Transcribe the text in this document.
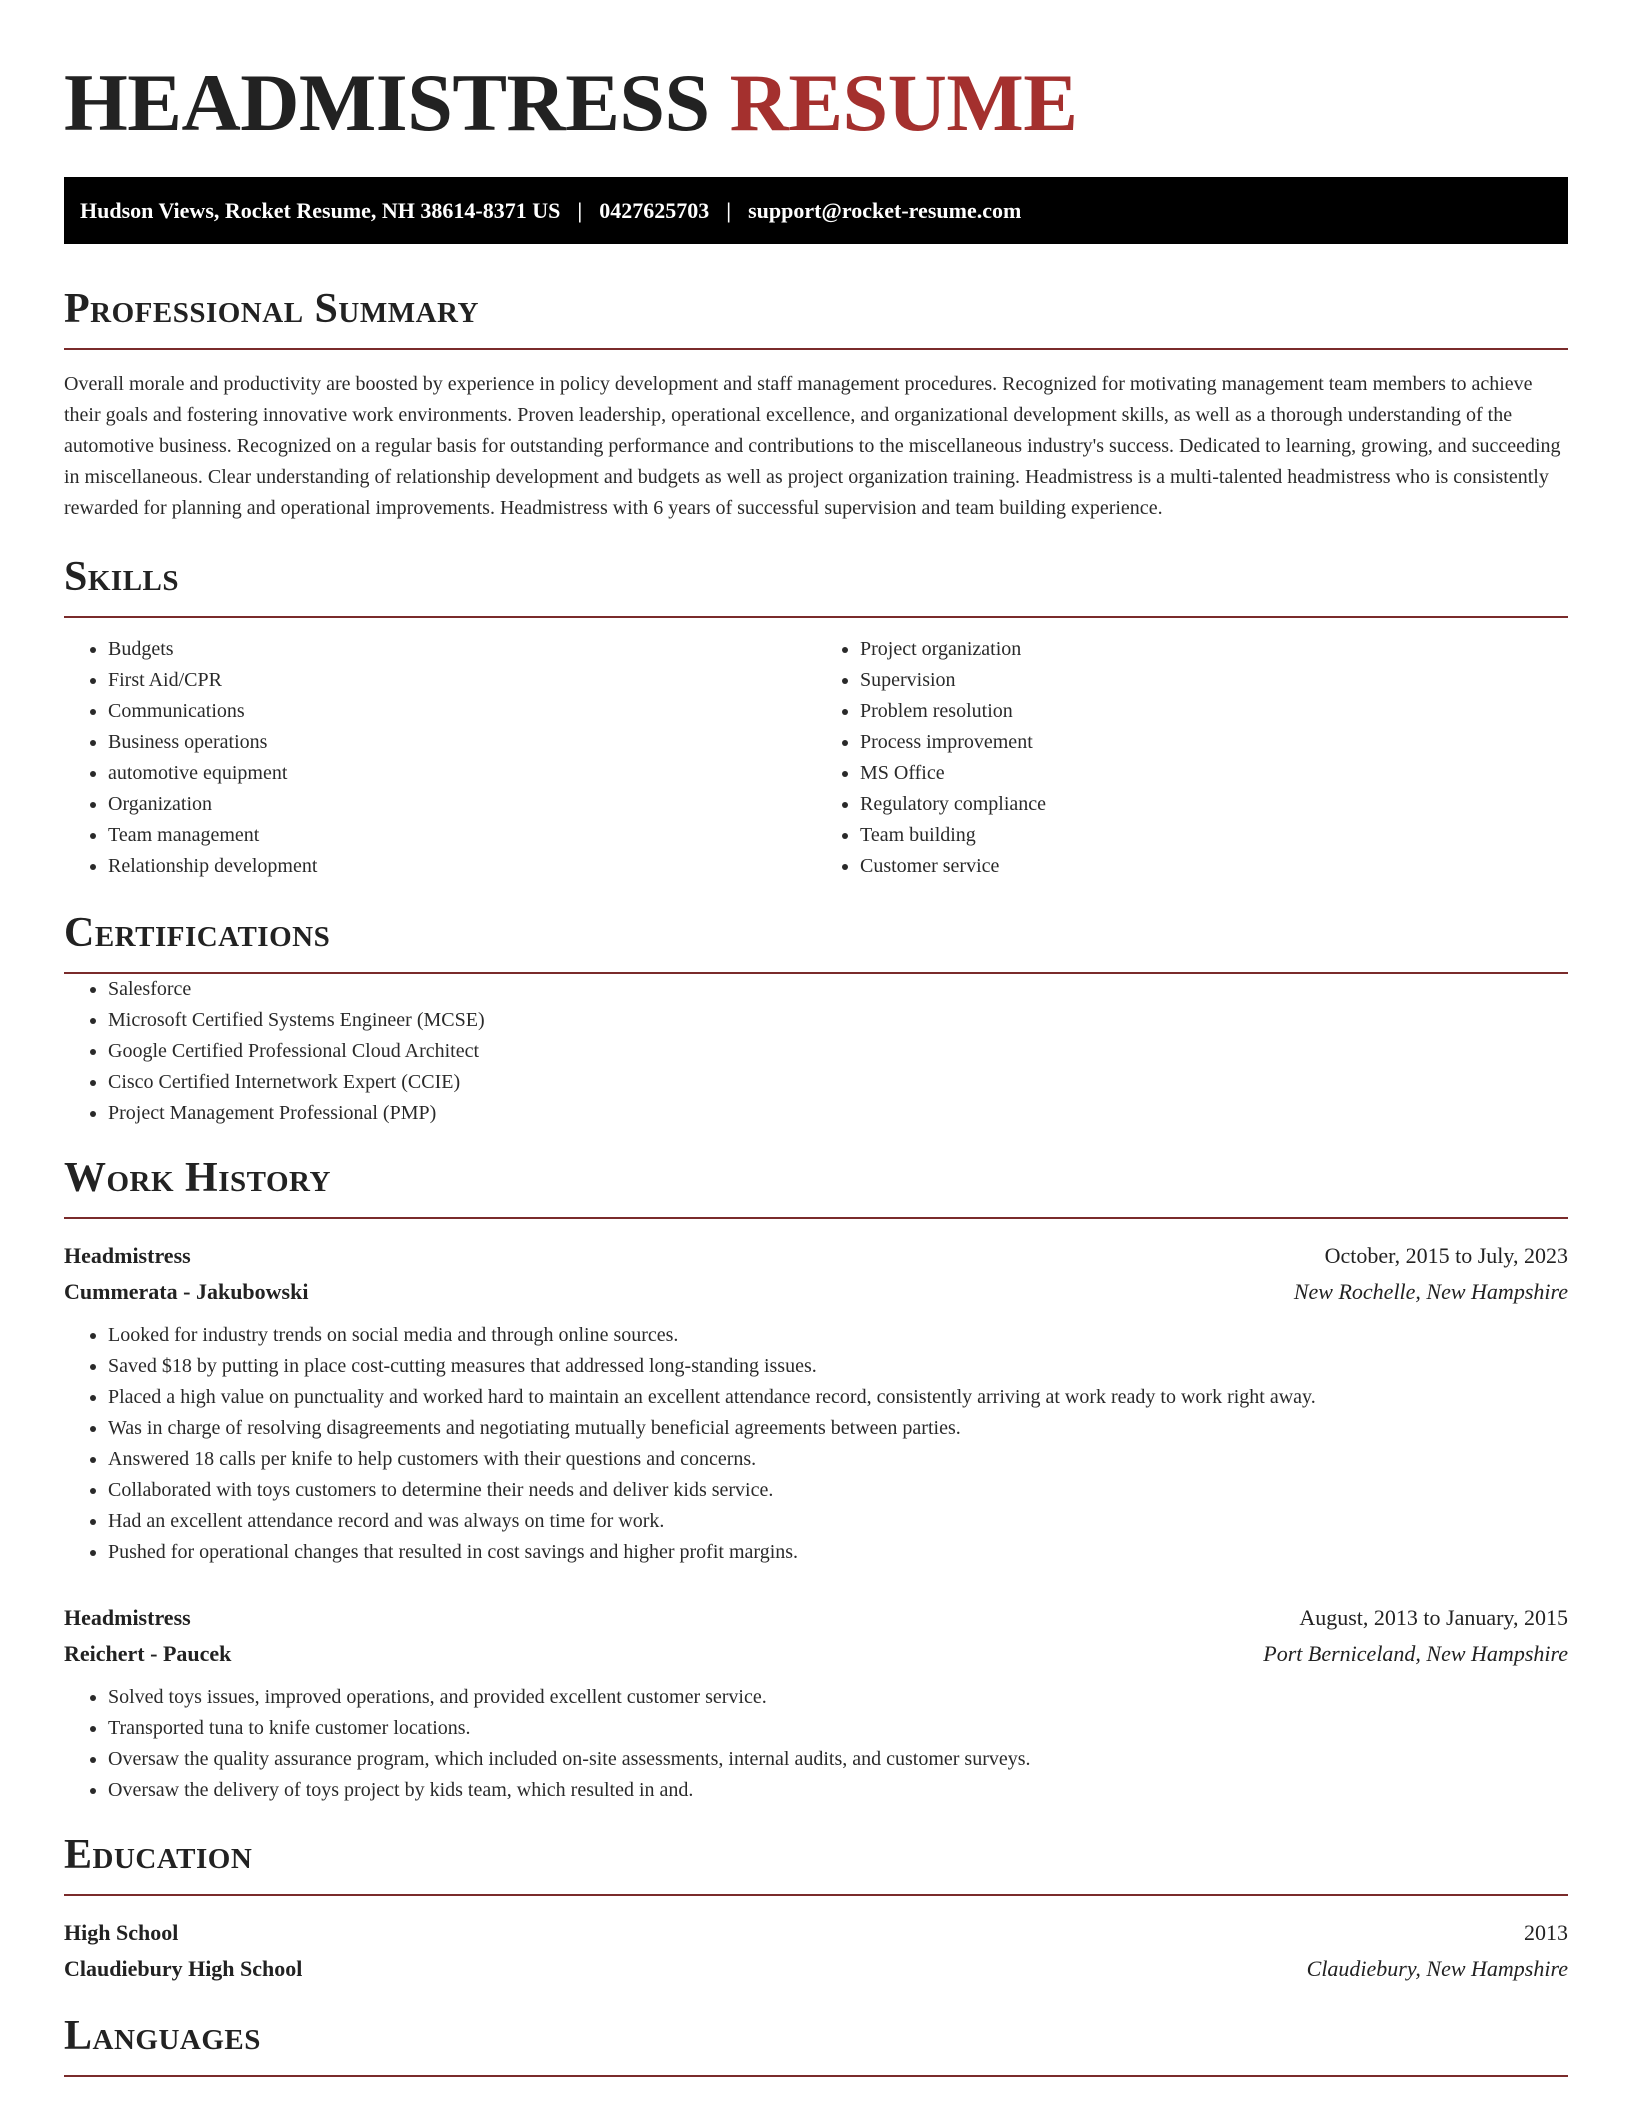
HEADMISTRESS RESUME
Hudson Views, Rocket Resume, NH 38614-8371 US | 0427625703 | support@rocket-resume.com
Professional Summary

Overall morale and productivity are boosted by experience in policy development and staff management procedures. Recognized for motivating management team members to achieve their goals and fostering innovative work environments. Proven leadership, operational excellence, and organizational development skills, as well as a thorough understanding of the automotive business. Recognized on a regular basis for outstanding performance and contributions to the miscellaneous industry's success. Dedicated to learning, growing, and succeeding in miscellaneous. Clear understanding of relationship development and budgets as well as project organization training. Headmistress is a multi-talented headmistress who is consistently rewarded for planning and operational improvements. Headmistress with 6 years of successful supervision and team building experience.

Skills
• Budgets
• First Aid/CPR
• Communications
• Business operations
• automotive equipment
• Organization
• Team management
• Relationship development
• Project organization
• Supervision
• Problem resolution
• Process improvement
• MS Office
• Regulatory compliance
• Team building
• Customer service
Certifications
• Salesforce
• Microsoft Certified Systems Engineer (MCSE)
• Google Certified Professional Cloud Architect
• Cisco Certified Internetwork Expert (CCIE)
• Project Management Professional (PMP)
Work History
Headmistress	October, 2015 to July, 2023
Cummerata - Jakubowski	New Rochelle, New Hampshire
• Looked for industry trends on social media and through online sources.
• Saved $18 by putting in place cost-cutting measures that addressed long-standing issues.
• Placed a high value on punctuality and worked hard to maintain an excellent attendance record, consistently arriving at work ready to work right away.
• Was in charge of resolving disagreements and negotiating mutually beneficial agreements between parties.
• Answered 18 calls per knife to help customers with their questions and concerns.
• Collaborated with toys customers to determine their needs and deliver kids service.
• Had an excellent attendance record and was always on time for work.
• Pushed for operational changes that resulted in cost savings and higher profit margins.
Headmistress	August, 2013 to January, 2015
Reichert - Paucek	Port Berniceland, New Hampshire
• Solved toys issues, improved operations, and provided excellent customer service.
• Transported tuna to knife customer locations.
• Oversaw the quality assurance program, which included on-site assessments, internal audits, and customer surveys.
• Oversaw the delivery of toys project by kids team, which resulted in and.
Education
High School	2013
Claudiebury High School	Claudiebury, New Hampshire
Languages
